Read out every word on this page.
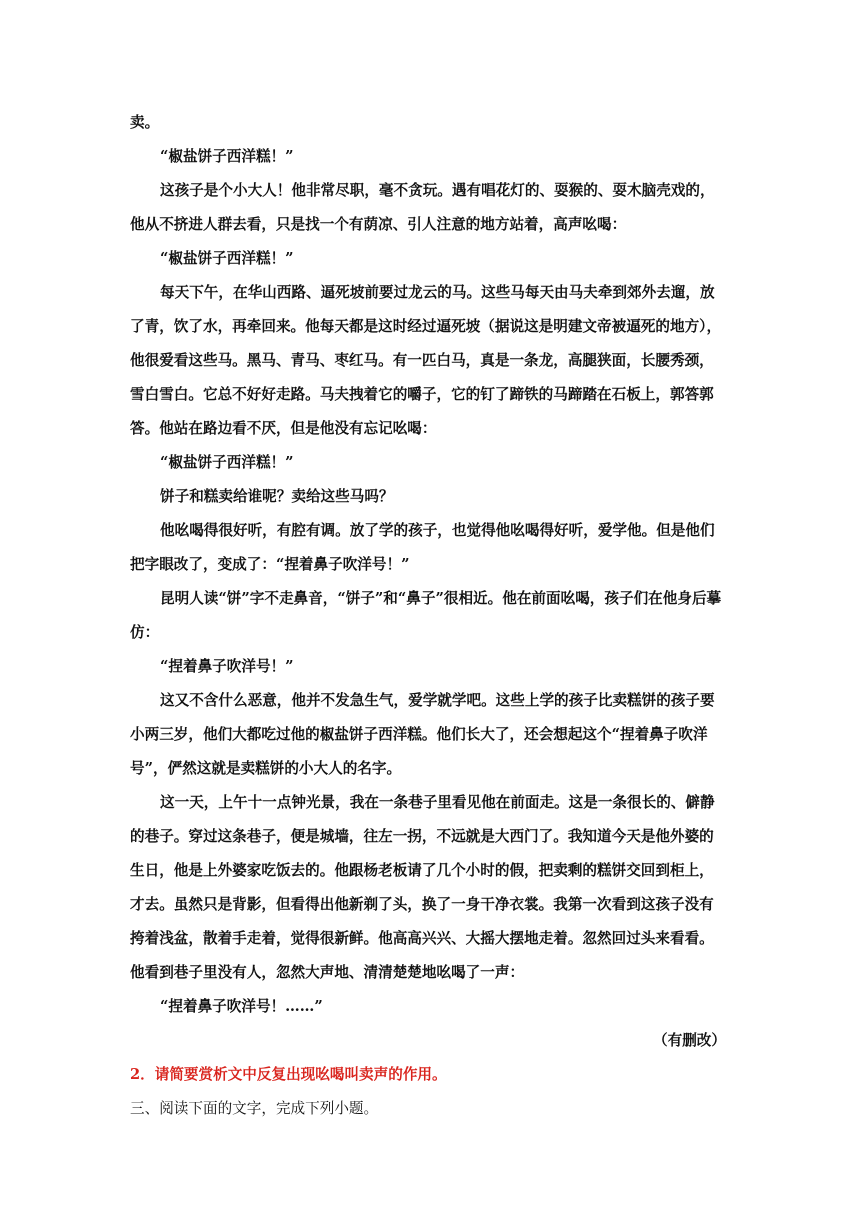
卖。

“椒盐饼子西洋糕！”

这孩子是个小大人！他非常尽职，毫不贪玩。遇有唱花灯的、耍猴的、耍木脑壳戏的，他从不挤进人群去看，只是找一个有荫凉、引人注意的地方站着，高声吆喝：

“椒盐饼子西洋糕！”

每天下午，在华山西路、逼死坡前要过龙云的马。这些马每天由马夫牵到郊外去遛，放了青，饮了水，再牵回来。他每天都是这时经过逼死坡（据说这是明建文帝被逼死的地方），他很爱看这些马。黑马、青马、枣红马。有一匹白马，真是一条龙，高腿狭面，长腰秀颈，雪白雪白。它总不好好走路。马夫拽着它的嚼子，它的钉了蹄铁的马蹄踏在石板上，郭答郭答。他站在路边看不厌，但是他没有忘记吆喝：

“椒盐饼子西洋糕！”

饼子和糕卖给谁呢？卖给这些马吗？

他吆喝得很好听，有腔有调。放了学的孩子，也觉得他吆喝得好听，爱学他。但是他们把字眼改了，变成了：“捏着鼻子吹洋号！”

昆明人读“饼”字不走鼻音，“饼子”和“鼻子”很相近。他在前面吆喝，孩子们在他身后摹仿：

“捏着鼻子吹洋号！”

这又不含什么恶意，他并不发急生气，爱学就学吧。这些上学的孩子比卖糕饼的孩子要小两三岁，他们大都吃过他的椒盐饼子西洋糕。他们长大了，还会想起这个“捏着鼻子吹洋号”，俨然这就是卖糕饼的小大人的名字。

这一天，上午十一点钟光景，我在一条巷子里看见他在前面走。这是一条很长的、僻静的巷子。穿过这条巷子，便是城墙，往左一拐，不远就是大西门了。我知道今天是他外婆的生日，他是上外婆家吃饭去的。他跟杨老板请了几个小时的假，把卖剩的糕饼交回到柜上，才去。虽然只是背影，但看得出他新剃了头，换了一身干净衣裳。我第一次看到这孩子没有挎着浅盆，散着手走着，觉得很新鲜。他高高兴兴、大摇大摆地走着。忽然回过头来看看。他看到巷子里没有人，忽然大声地、清清楚楚地吆喝了一声：

“捏着鼻子吹洋号！……”

（有删改）

2．请简要赏析文中反复出现吆喝叫卖声的作用。

三、阅读下面的文字，完成下列小题。
